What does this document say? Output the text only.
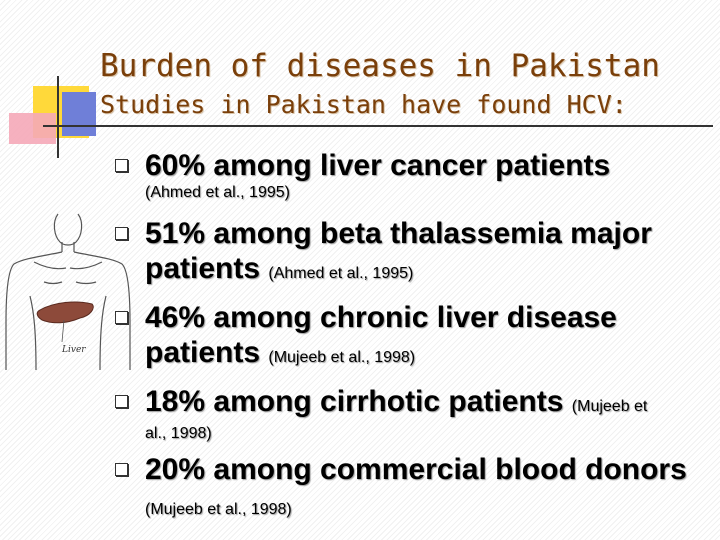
Burden of diseases in Pakistan
Studies in Pakistan have found HCV:
Liver
60% among liver cancer patients
(Ahmed et al., 1995)
51% among beta thalassemia major patients (Ahmed et al., 1995)
46% among chronic liver disease patients (Mujeeb et al., 1998)
18% among cirrhotic patients (Mujeeb et
al., 1998)
20% among commercial blood donors (Mujeeb et al., 1998)
